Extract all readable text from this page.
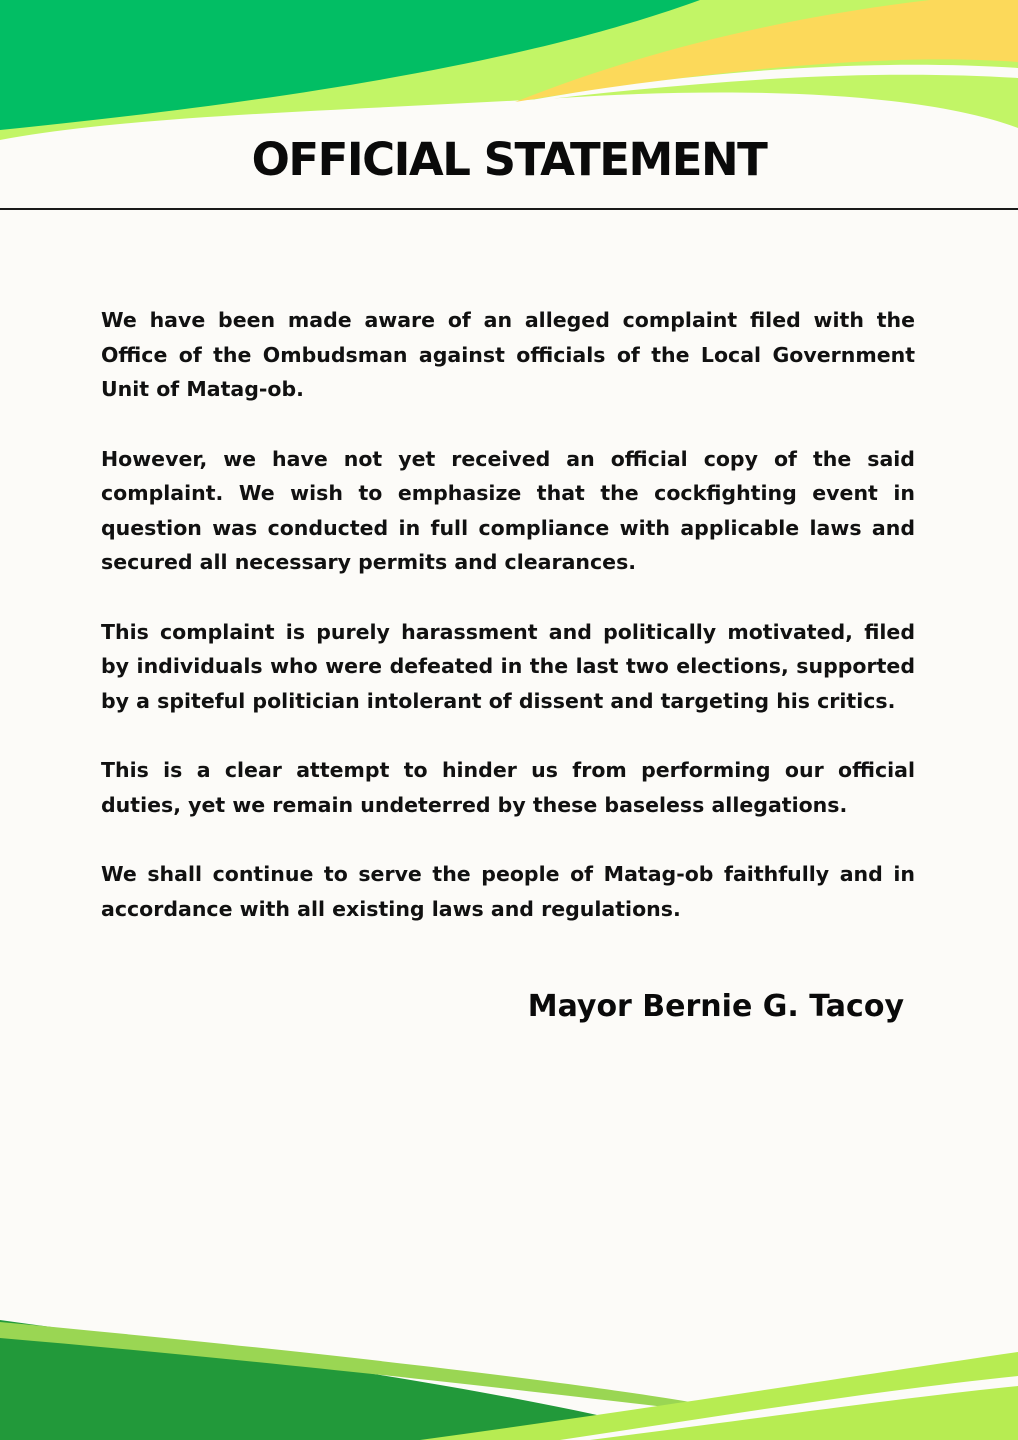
OFFICIAL STATEMENT

We have been made aware of an alleged complaint filed with the Office of the Ombudsman against officials of the Local Government Unit of Matag-ob.

However, we have not yet received an official copy of the said complaint. We wish to emphasize that the cockfighting event in question was conducted in full compliance with applicable laws and secured all necessary permits and clearances.

This complaint is purely harassment and politically motivated, filed by individuals who were defeated in the last two elections, supported by a spiteful politician intolerant of dissent and targeting his critics.

This is a clear attempt to hinder us from performing our official duties, yet we remain undeterred by these baseless allegations.

We shall continue to serve the people of Matag-ob faithfully and in accordance with all existing laws and regulations.

Mayor Bernie G. Tacoy
